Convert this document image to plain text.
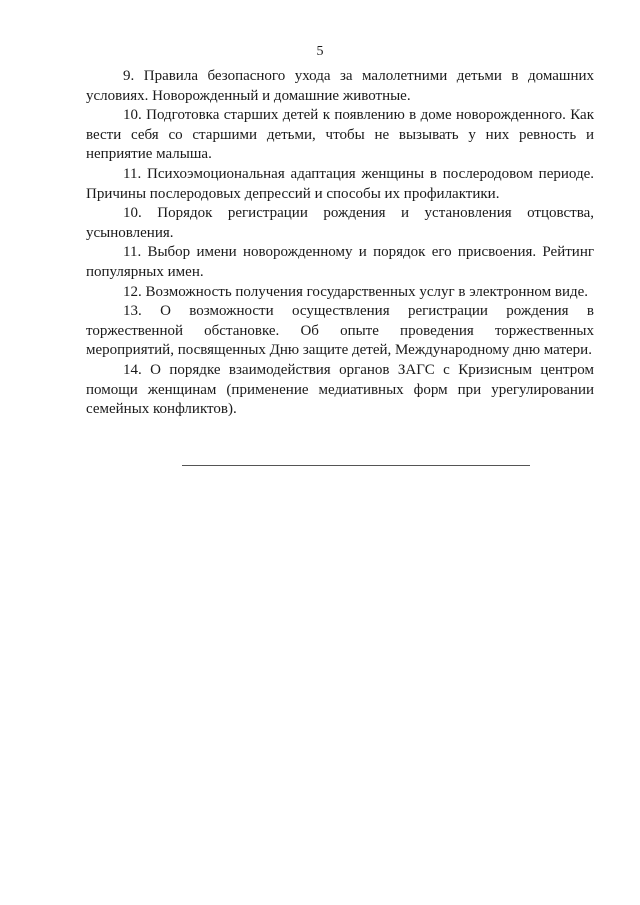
5

9. Правила безопасного ухода за малолетними детьми в домашних условиях. Новорожденный и домашние животные.

10. Подготовка старших детей к появлению в доме новорожденного. Как вести себя со старшими детьми, чтобы не вызывать у них ревность и неприятие малыша.

11. Психоэмоциональная адаптация женщины в послеродовом периоде. Причины послеродовых депрессий и способы их профилактики.

10. Порядок регистрации рождения и установления отцовства, усыновления.

11. Выбор имени новорожденному и порядок его присвоения. Рейтинг популярных имен.

12. Возможность получения государственных услуг в электронном виде.

13. О возможности осуществления регистрации рождения в торжественной обстановке. Об опыте проведения торжественных мероприятий, посвященных Дню защите детей, Международному дню матери.

14. О порядке взаимодействия органов ЗАГС с Кризисным центром помощи женщинам (применение медиативных форм при урегулировании семейных конфликтов).
